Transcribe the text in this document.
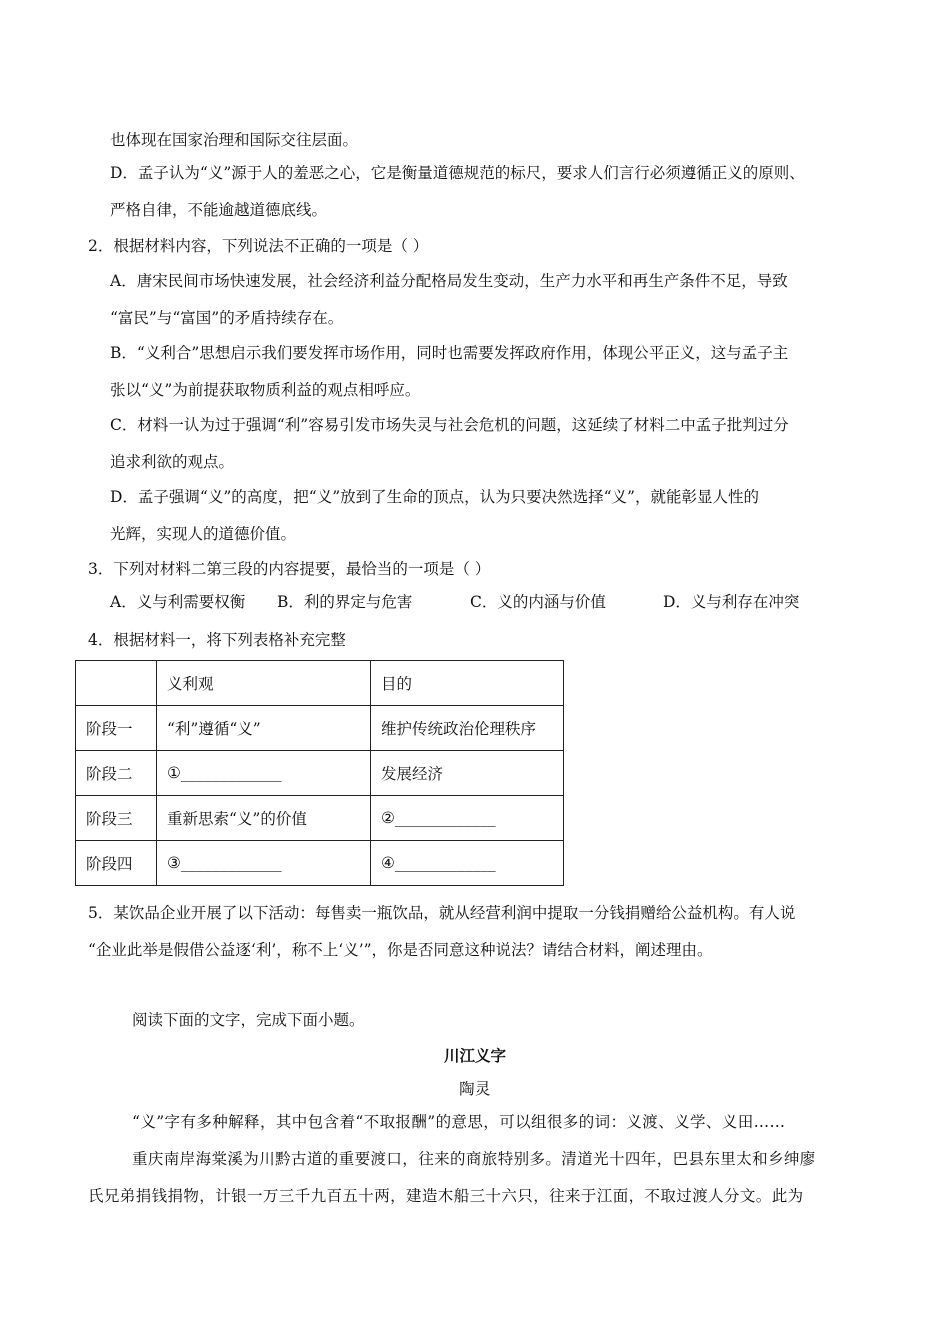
也体现在国家治理和国际交往层面。
D．孟子认为“义”源于人的羞恶之心，它是衡量道德规范的标尺，要求人们言行必须遵循正义的原则、
严格自律，不能逾越道德底线。
2．根据材料内容，下列说法不正确的一项是（ ）
A．唐宋民间市场快速发展，社会经济利益分配格局发生变动，生产力水平和再生产条件不足，导致
“富民”与“富国”的矛盾持续存在。
B．“义利合”思想启示我们要发挥市场作用，同时也需要发挥政府作用，体现公平正义，这与孟子主
张以“义”为前提获取物质利益的观点相呼应。
C．材料一认为过于强调“利”容易引发市场失灵与社会危机的问题，这延续了材料二中孟子批判过分
追求利欲的观点。
D．孟子强调“义”的高度，把“义”放到了生命的顶点，认为只要决然选择“义”，就能彰显人性的
光辉，实现人的道德价值。
3．下列对材料二第三段的内容提要，最恰当的一项是（ ）
A．义与利需要权衡 B．利的界定与危害	C．义的内涵与价值	D．义与利存在冲突
4．根据材料一，将下列表格补充完整
	义利观	目的
阶段一	“利”遵循“义”	维护传统政治伦理秩序
阶段二	①_____________	发展经济
阶段三	重新思索“义”的价值	②_____________
阶段四	③_____________	④_____________
5．某饮品企业开展了以下活动：每售卖一瓶饮品，就从经营利润中提取一分钱捐赠给公益机构。有人说
“企业此举是假借公益逐‘利’，称不上‘义’”，你是否同意这种说法？请结合材料，阐述理由。
阅读下面的文字，完成下面小题。
川江义字
陶灵
“义”字有多种解释，其中包含着“不取报酬”的意思，可以组很多的词：义渡、义学、义田……
重庆南岸海棠溪为川黔古道的重要渡口，往来的商旅特别多。清道光十四年，巴县东里太和乡绅廖
氏兄弟捐钱捐物，计银一万三千九百五十两，建造木船三十六只，往来于江面，不取过渡人分文。此为
